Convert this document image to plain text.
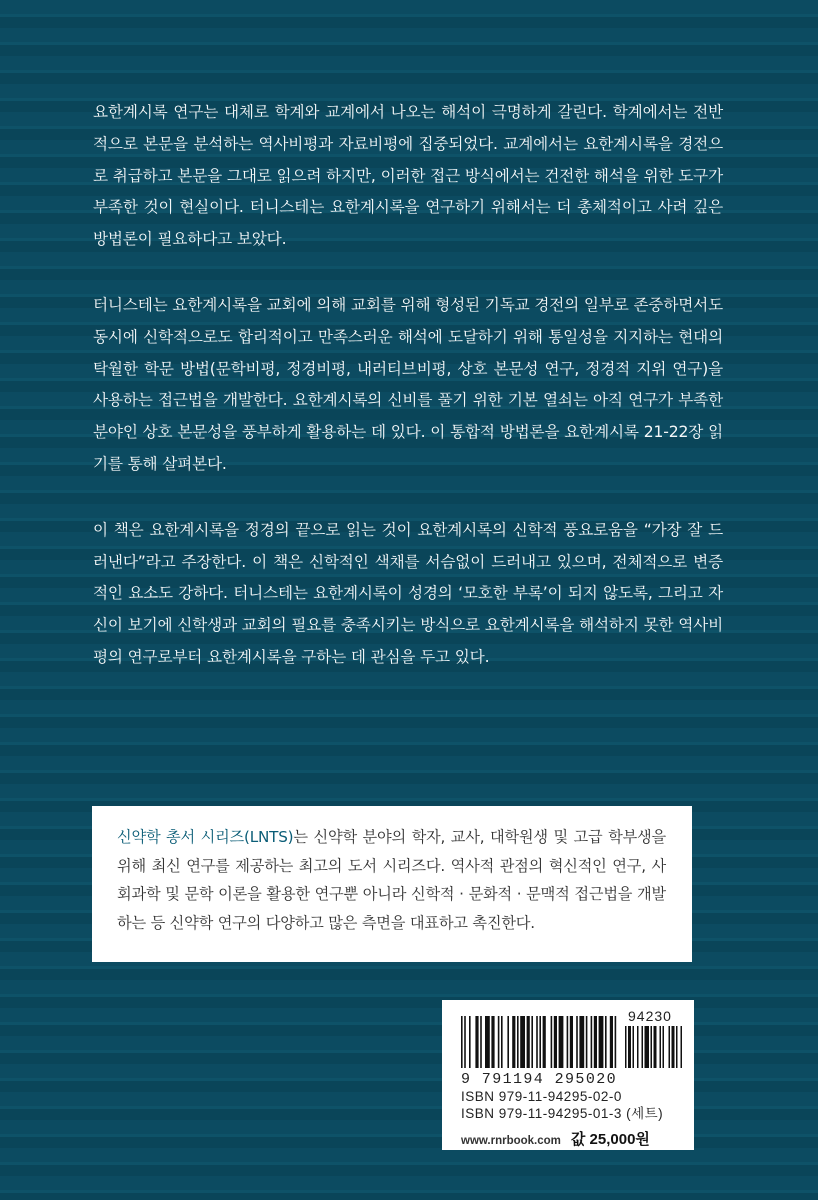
요한계시록 연구는 대체로 학계와 교계에서 나오는 해석이 극명하게 갈린다. 학계에서는 전반적으로 본문을 분석하는 역사비평과 자료비평에 집중되었다. 교계에서는 요한계시록을 경전으로 취급하고 본문을 그대로 읽으려 하지만, 이러한 접근 방식에서는 건전한 해석을 위한 도구가 부족한 것이 현실이다. 터니스테는 요한계시록을 연구하기 위해서는 더 총체적이고 사려 깊은 방법론이 필요하다고 보았다.

터니스테는 요한계시록을 교회에 의해 교회를 위해 형성된 기독교 경전의 일부로 존중하면서도 동시에 신학적으로도 합리적이고 만족스러운 해석에 도달하기 위해 통일성을 지지하는 현대의 탁월한 학문 방법(문학비평, 정경비평, 내러티브비평, 상호 본문성 연구, 정경적 지위 연구)을 사용하는 접근법을 개발한다. 요한계시록의 신비를 풀기 위한 기본 열쇠는 아직 연구가 부족한 분야인 상호 본문성을 풍부하게 활용하는 데 있다. 이 통합적 방법론을 요한계시록 21-22장 읽기를 통해 살펴본다.

이 책은 요한계시록을 정경의 끝으로 읽는 것이 요한계시록의 신학적 풍요로움을 “가장 잘 드러낸다”라고 주장한다. 이 책은 신학적인 색채를 서슴없이 드러내고 있으며, 전체적으로 변증적인 요소도 강하다. 터니스테는 요한계시록이 성경의 ‘모호한 부록’이 되지 않도록, 그리고 자신이 보기에 신학생과 교회의 필요를 충족시키는 방식으로 요한계시록을 해석하지 못한 역사비평의 연구로부터 요한계시록을 구하는 데 관심을 두고 있다.

신약학 총서 시리즈(LNTS)는 신약학 분야의 학자, 교사, 대학원생 및 고급 학부생을 위해 최신 연구를 제공하는 최고의 도서 시리즈다. 역사적 관점의 혁신적인 연구, 사회과학 및 문학 이론을 활용한 연구뿐 아니라 신학적 · 문화적 · 문맥적 접근법을 개발하는 등 신약학 연구의 다양하고 많은 측면을 대표하고 촉진한다.
94230
9 791194 295020
ISBN 979-11-94295-02-0
ISBN 979-11-94295-01-3 (세트)
www.rnrbook.com 값 25,000원
